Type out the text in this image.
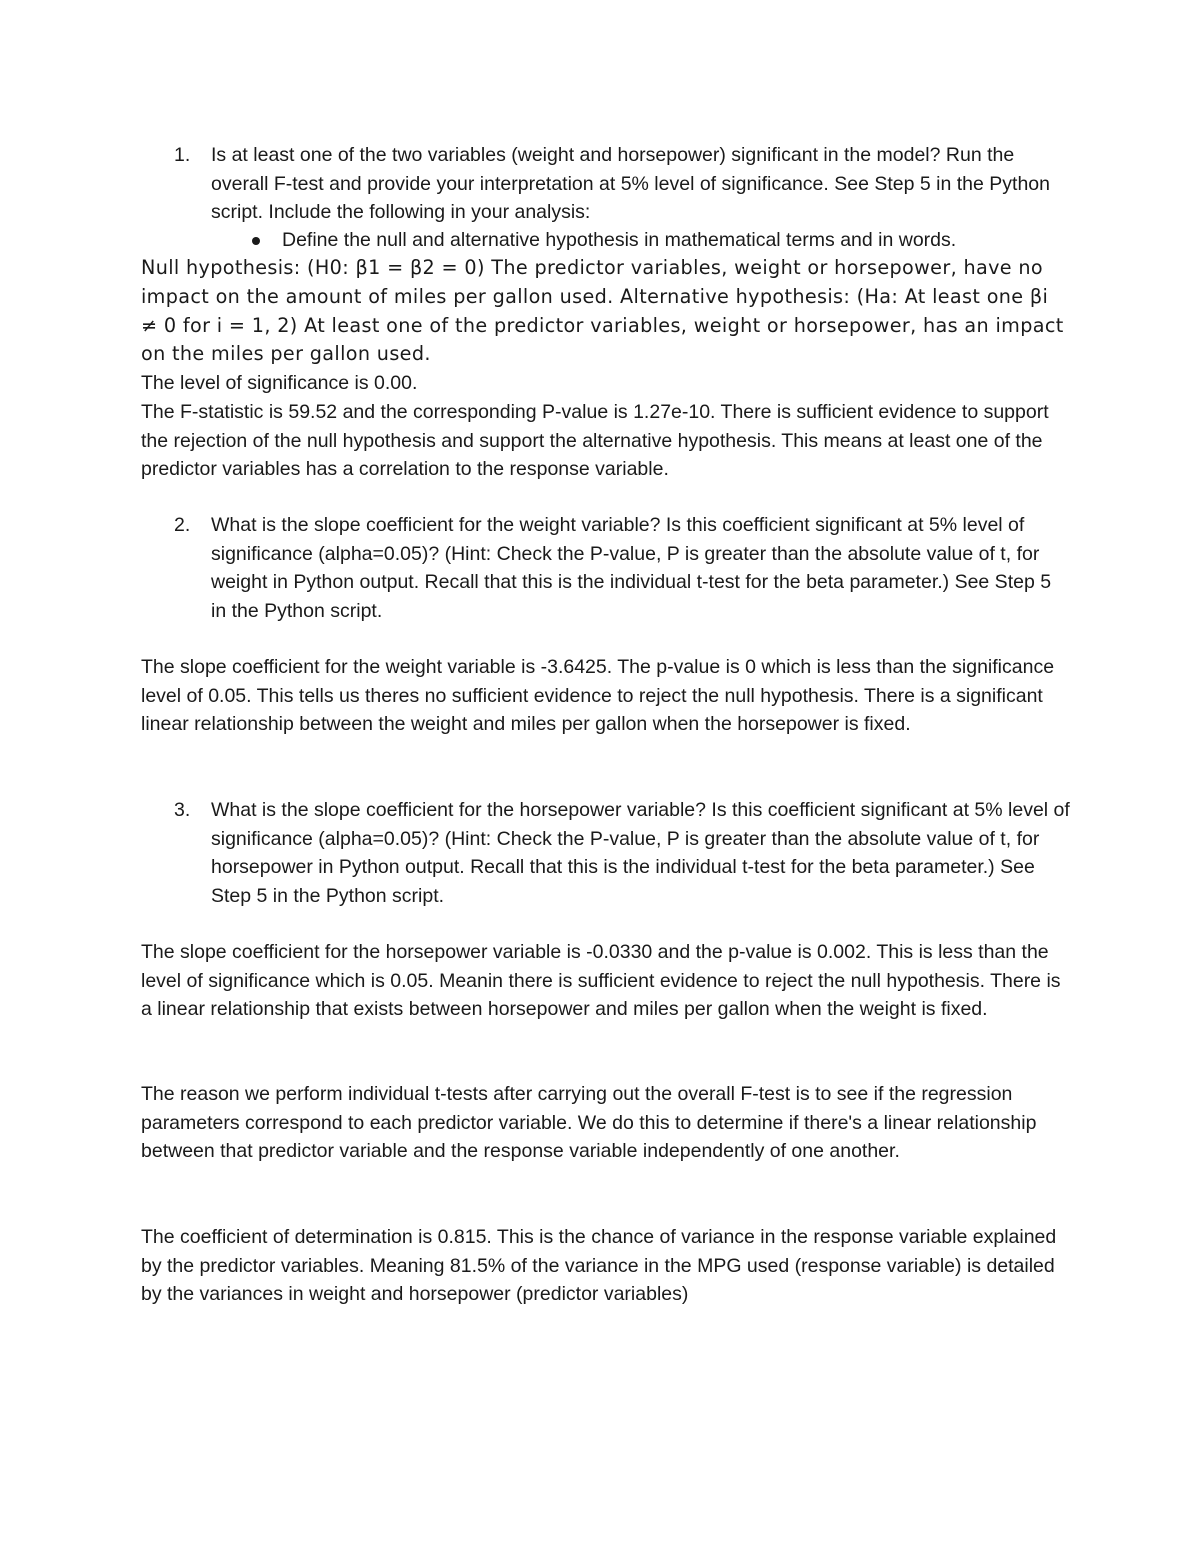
1.	Is at least one of the two variables (weight and horsepower) significant in the model? Run the overall F-test and provide your interpretation at 5% level of significance. See Step 5 in the Python script. Include the following in your analysis:

Define the null and alternative hypothesis in mathematical terms and in words.

Null hypothesis: (H0: β1 = β2 = 0) The predictor variables, weight or horsepower, have no impact on the amount of miles per gallon used. Alternative hypothesis: (Ha: At least one βi ≠ 0 for i = 1, 2) At least one of the predictor variables, weight or horsepower, has an impact on the miles per gallon used.

The level of significance is 0.00.

The F-statistic is 59.52 and the corresponding P-value is 1.27e-10. There is sufficient evidence to support the rejection of the null hypothesis and support the alternative hypothesis. This means at least one of the predictor variables has a correlation to the response variable.

2.	What is the slope coefficient for the weight variable? Is this coefficient significant at 5% level of significance (alpha=0.05)? (Hint: Check the P-value, P is greater than the absolute value of t, for weight in Python output. Recall that this is the individual t-test for the beta parameter.) See Step 5 in the Python script.

The slope coefficient for the weight variable is -3.6425. The p-value is 0 which is less than the significance level of 0.05. This tells us theres no sufficient evidence to reject the null hypothesis. There is a significant linear relationship between the weight and miles per gallon when the horsepower is fixed.

3.	What is the slope coefficient for the horsepower variable? Is this coefficient significant at 5% level of significance (alpha=0.05)? (Hint: Check the P-value, P is greater than the absolute value of t, for horsepower in Python output. Recall that this is the individual t-test for the beta parameter.) See Step 5 in the Python script.

The slope coefficient for the horsepower variable is -0.0330 and the p-value is 0.002. This is less than the level of significance which is 0.05. Meanin there is sufficient evidence to reject the null hypothesis. There is a linear relationship that exists between horsepower and miles per gallon when the weight is fixed.

The reason we perform individual t-tests after carrying out the overall F-test is to see if the regression parameters correspond to each predictor variable. We do this to determine if there's a linear relationship between that predictor variable and the response variable independently of one another.

The coefficient of determination is 0.815. This is the chance of variance in the response variable explained by the predictor variables. Meaning 81.5% of the variance in the MPG used (response variable) is detailed by the variances in weight and horsepower (predictor variables)
